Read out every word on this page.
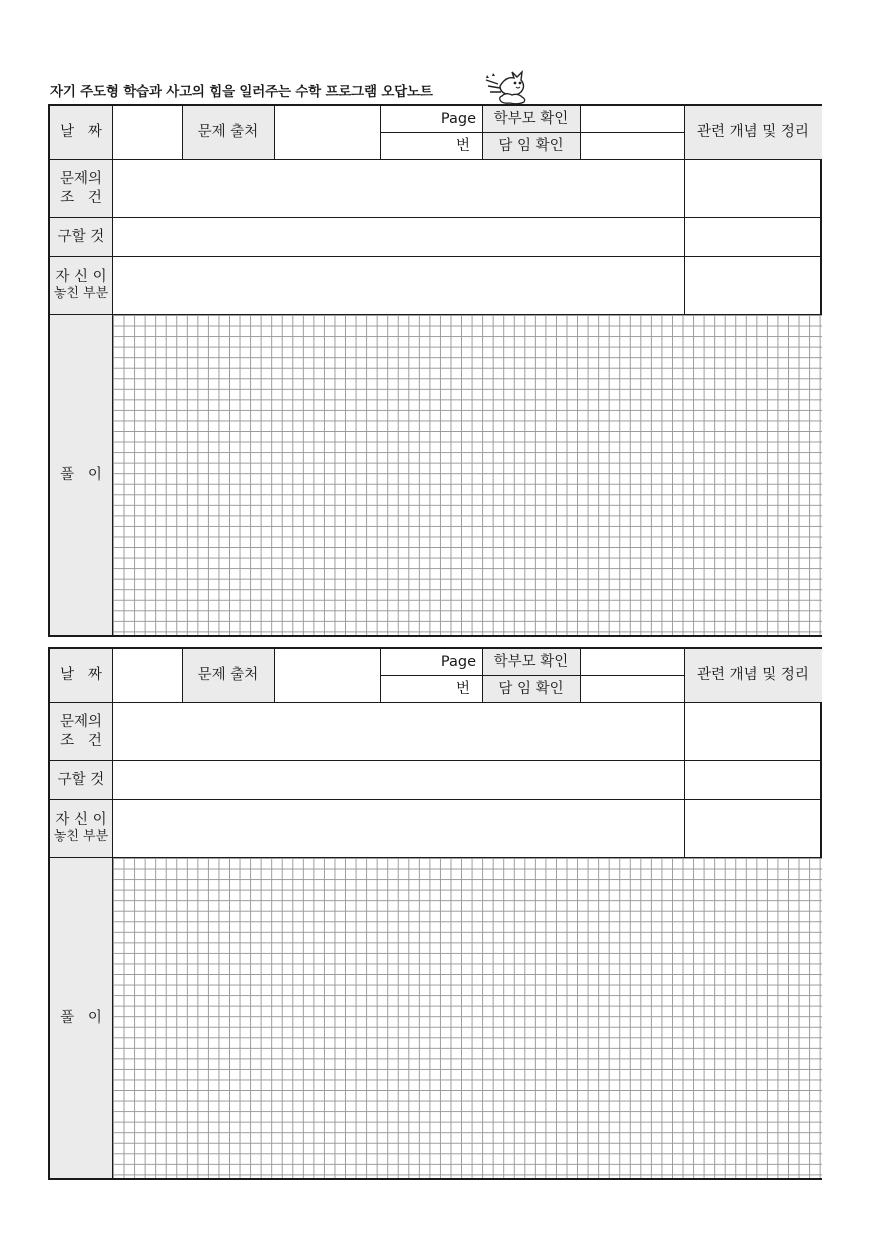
자기 주도형 학습과 사고의 힘을 일러주는 수학 프로그램 오답노트
날   짜	문제 출처
Page
번
학부모 확인
담 임 확인
관련 개념 및 정리
문제의
조   건
구할 것
자 신 이
놓친 부분
풀   이
날   짜	문제 출처
Page
번
학부모 확인
담 임 확인
관련 개념 및 정리
문제의
조   건
구할 것
자 신 이
놓친 부분
풀   이
